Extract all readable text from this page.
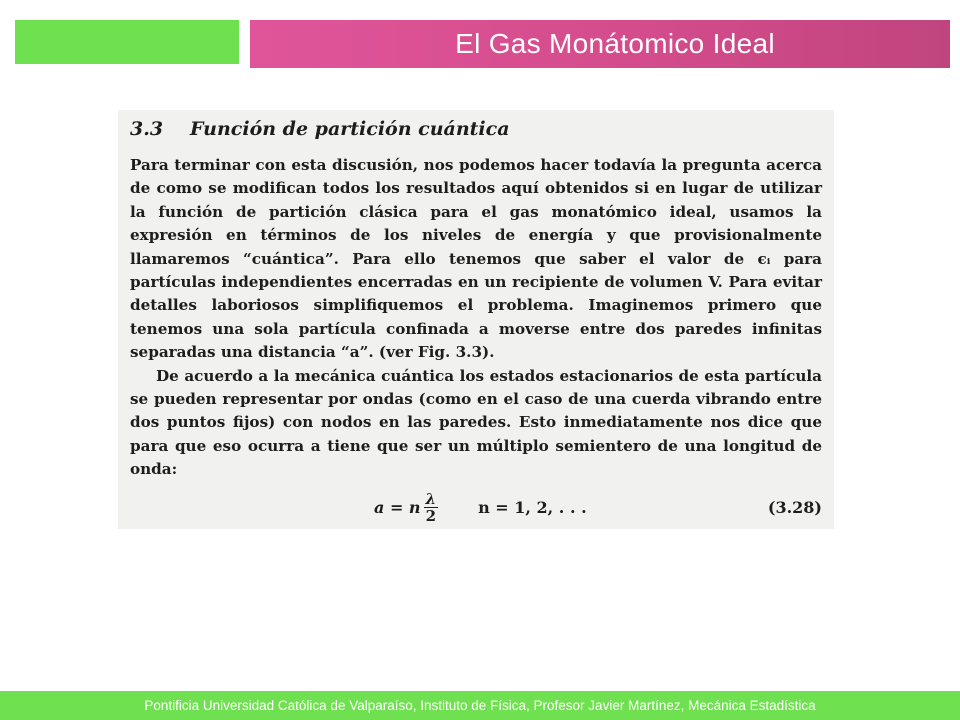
El Gas Monátomico Ideal
3.3	Función de partición cuántica

Para terminar con esta discusión, nos podemos hacer todavía la pregunta acerca de como se modifican todos los resultados aquí obtenidos si en lugar de utilizar la función de partición clásica para el gas monatómico ideal, usamos la expresión en términos de los niveles de energía y que provisionalmente llamaremos “cuántica”. Para ello tenemos que saber el valor de ϵᵢ para partículas independientes encerradas en un recipiente de volumen V. Para evitar detalles laboriosos simplifiquemos el problema. Imaginemos primero que tenemos una sola partícula confinada a moverse entre dos paredes infinitas separadas una distancia “a”. (ver Fig. 3.3).

De acuerdo a la mecánica cuántica los estados estacionarios de esta partícula se pueden representar por ondas (como en el caso de una cuerda vibrando entre dos puntos fijos) con nodos en las paredes. Esto inmediatamente nos dice que para que eso ocurra a tiene que ser un múltiplo semientero de una longitud de onda:

a = n $\frac{\lambda}{2}$	n = 1, 2, . . .	(3.28)
Pontificia Universidad Católica de Valparaíso, Instituto de Física, Profesor Javier Martínez, Mecánica Estadística
